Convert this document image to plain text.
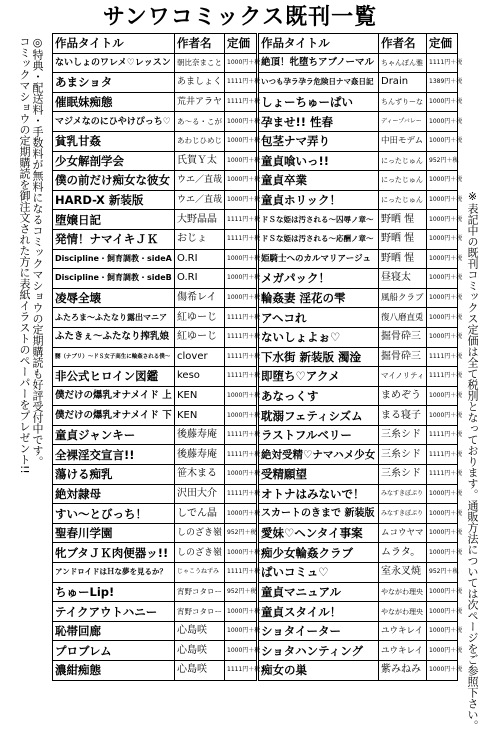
サンワコミックス既刊一覧
◎特典・配送料・手数料が無料になるコミックマショウの定期購読も好評受付中です。
コミックマショウの定期購読を御注文された方に表紙イラストのペーパーをプレゼント!!	※表記中の既刊コミックス定価は全て税別となっております。通販方法については次ページをご参照下さい。
作品タイトル	作者名	定価
ないしょのワレメ♡レッスン	朝比奈まこと	1000円＋税
あまショタ	あましょく	1111円＋税
催眠妹痴態	荒井アラヤ	1111円＋税
マジメなのにひやけぴっち♡	あ～る・こが	1000円＋税
貧乳甘姦	あわじひめじ	1000円＋税
少女解剖学会	氏賀Ｙ太	1000円＋税
僕の前だけ痴女な彼女	ウエ／直哉	1000円＋税
HARD-X 新装版	ウエ／直哉	1000円＋税
堕嬢日記	大野晶晶	1111円＋税
発情！ナマイキＪＫ	おじょ	1111円＋税
Discipline・飼育調教・sideA	O.RI	1000円＋税
Discipline・飼育調教・sideB	O.RI	1000円＋税
凌辱全壊	傷希レイ	1000円＋税
ふたろま～ふたなり露出マニア	紅ゆーじ	1111円＋税
ふたきぇ～ふたなり搾乳娘	紅ゆーじ	1111円＋税
嬲（ナブリ）～ドＳ女子高生に輪姦される僕～	clover	1111円＋税
非公式ヒロイン図鑑	keso	1111円＋税
僕だけの爆乳オナメイド 上	KEN	1000円＋税
僕だけの爆乳オナメイド 下	KEN	1000円＋税
童貞ジャンキー	後藤寿庵	1111円＋税
全裸淫交宣言!!	後藤寿庵	1111円＋税
蕩ける痴乳	笹木まる	1000円＋税
絶対隷母	沢田大介	1111円＋税
すい～とびっち！	しでん晶	1000円＋税
聖春川学園	しのざき嶺	952円＋税
牝ブタＪＫ肉便器ッ!!	しのざき嶺	1000円＋税
アンドロイドはＨな夢を見るか？	じゃこうねずみ	1111円＋税
ちゅーLip!	宵野コタロー	952円＋税
テイクアウトハニー	宵野コタロー	1000円＋税
恥帯回廊	心島咲	1000円＋税
プロブレム	心島咲	1000円＋税
濃紺痴態	心島咲	1111円＋税
作品タイトル	作者名	定価
絶頂！牝堕ちアブノーマル	ちゃんぼん雅	1111円＋税
いつも孕ラ孕ラ危険日ナマ姦日記	Drain	1389円＋税
しょーちゅーぱい	ちんずりーな	1000円＋税
孕ませ!! 性春	ディープバレー	1000円＋税
包茎ナマ弄り	中田モデム	1000円＋税
童貞喰いっ!!	にったじゅん	952円＋税
童貞卒業	にったじゅん	1000円＋税
童貞ホリック！	にったじゅん	1000円＋税
ドＳな姫は汚される～囚辱ノ章～	野晒 惺	1000円＋税
ドＳな姫は汚される～応酬ノ章～	野晒 惺	1000円＋税
姫騎士へのカルマリアージュ	野晒 惺	1000円＋税
メガパック！	昼寝太	1000円＋税
輪姦妻 淫花の雫	風船クラブ	1000円＋税
アヘコれ	復八磨直兎	1000円＋税
ないしょよぉ♡	掘骨砕三	1000円＋税
下水街 新装版 濁淦	掘骨砕三	1111円＋税
即堕ち♡アクメ	マイノリティ	1111円＋税
あなっくす	まめぞう	1000円＋税
耽溺フェティシズム	まる寝子	1000円＋税
ラストフルベリー	三糸シド	1111円＋税
絶対受精♡ナマハメ少女	三糸シド	1111円＋税
受精願望	三糸シド	1111円＋税
オトナはみないで！	みなすきぽぷり	1000円＋税
スカートのきまで 新装版	みなすきぽぷり	1000円＋税
愛妹♡ヘンタイ事案	ムコウヤマ	1000円＋税
痴少女輪姦クラブ	ムラタ。	1000円＋税
ぱいコミュ♡	室永叉焼	952円＋税
童貞マニュアル	やながわ理央	1000円＋税
童貞スタイル！	やながわ理央	1000円＋税
ショタイーター	ユウキレイ	1000円＋税
ショタハンティング	ユウキレイ	1000円＋税
痴女の巣	紫みねみ	1000円＋税
